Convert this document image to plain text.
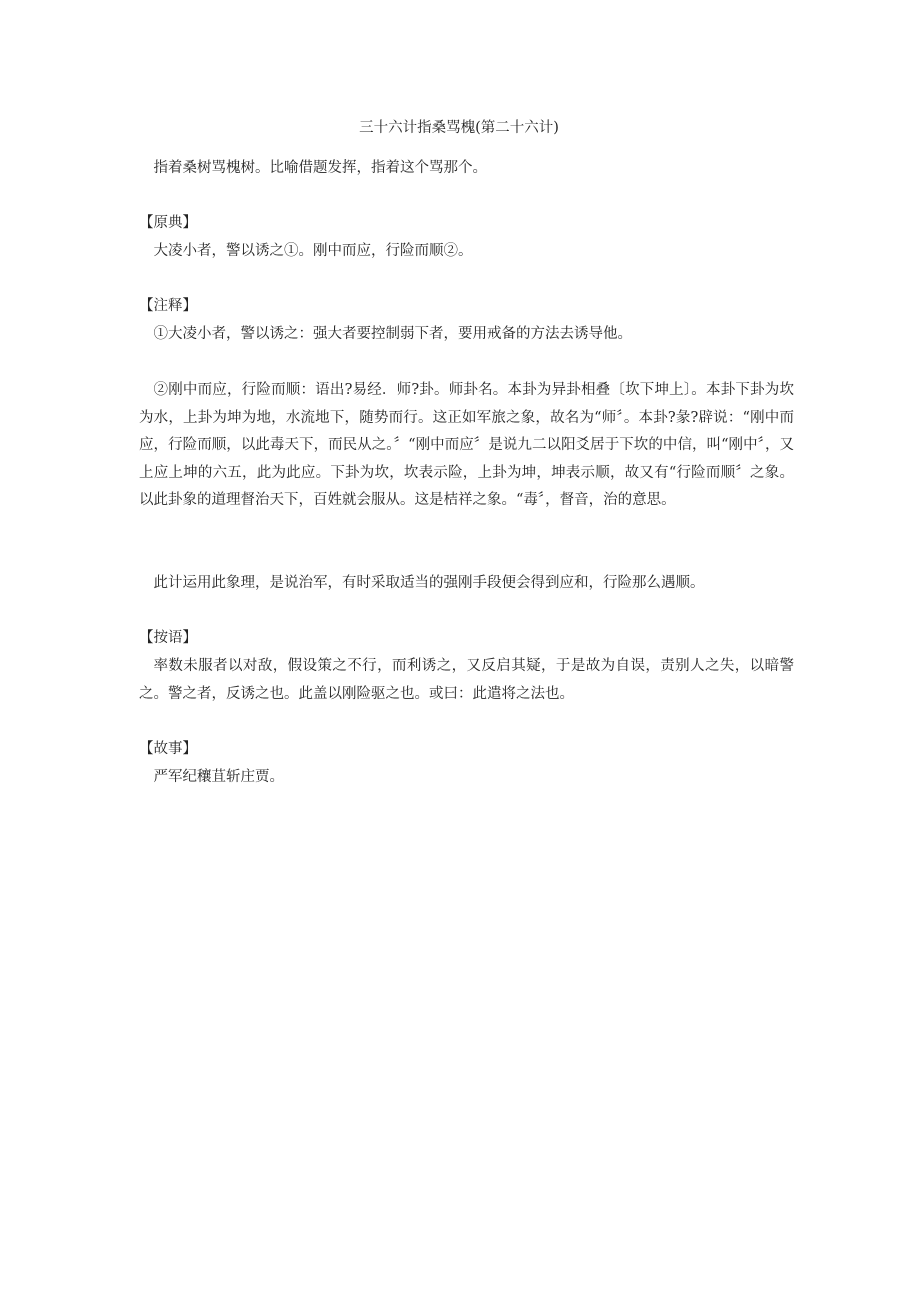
三十六计指桑骂槐(第二十六计)
指着桑树骂槐树。比喻借题发挥，指着这个骂那个。
【原典】
大凌小者，警以诱之①。刚中而应，行险而顺②。
【注释】
①大凌小者，警以诱之：强大者要控制弱下者，要用戒备的方法去诱导他。
②刚中而应，行险而顺：语出?易经．师?卦。师卦名。本卦为异卦相叠〔坎下坤上〕。本卦下卦为坎为水，上卦为坤为地，水流地下，随势而行。这正如军旅之象，故名为“师〞。本卦?彖?辟说：“刚中而应，行险而顺，以此毒天下，而民从之。〞“刚中而应〞是说九二以阳爻居于下坎的中信，叫“刚中〞，又上应上坤的六五，此为此应。下卦为坎，坎表示险，上卦为坤，坤表示顺，故又有“行险而顺〞之象。以此卦象的道理督治天下，百姓就会服从。这是桔祥之象。“毒〞，督音，治的意思。
此计运用此象理，是说治军，有时采取适当的强刚手段便会得到应和，行险那么遇顺。
【按语】
率数未服者以对敌，假设策之不行，而利诱之，又反启其疑，于是故为自误，责别人之失，以暗警之。警之者，反诱之也。此盖以刚险驱之也。或曰：此遣将之法也。
【故事】
严军纪穰苴斩庄贾。
